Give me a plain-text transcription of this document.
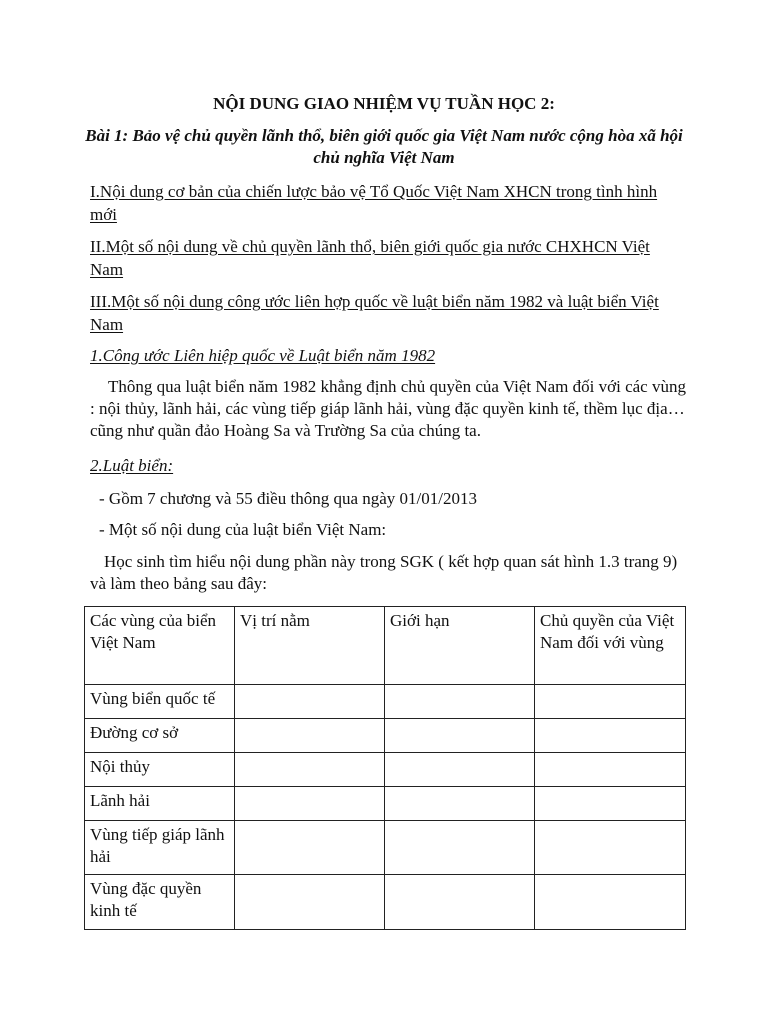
NỘI DUNG GIAO NHIỆM VỤ TUẦN HỌC 2:
Bài 1: Bảo vệ chủ quyền lãnh thổ, biên giới quốc gia Việt Nam nước cộng hòa xã hội chủ nghĩa Việt Nam
I.Nội dung cơ bản của chiến lược bảo vệ Tổ Quốc Việt Nam XHCN trong tình hình mới
II.Một số nội dung về chủ quyền lãnh thổ, biên giới quốc gia nước CHXHCN Việt Nam
III.Một số nội dung công ước liên hợp quốc về luật biển năm 1982 và luật biển Việt Nam
1.Công ước Liên hiệp quốc về Luật biển năm 1982
Thông qua luật biển năm 1982 khẳng định chủ quyền của Việt Nam đối với các vùng : nội thủy, lãnh hải, các vùng tiếp giáp lãnh hải, vùng đặc quyền kinh tế, thềm lục địa…cũng như quần đảo Hoàng Sa và Trường Sa của chúng ta.
2.Luật biển:
- Gồm 7 chương và 55 điều thông qua ngày 01/01/2013
- Một số nội dung của luật biển Việt Nam:
Học sinh tìm hiểu nội dung phần này trong SGK ( kết hợp quan sát hình 1.3 trang 9) và làm theo bảng sau đây:
Các vùng của biển Việt Nam	Vị trí nằm	Giới hạn	Chủ quyền của Việt Nam đối với vùng
Vùng biển quốc tế			
Đường cơ sở			
Nội thủy			
Lãnh hải			
Vùng tiếp giáp lãnh hải			
Vùng đặc quyền kinh tế			
